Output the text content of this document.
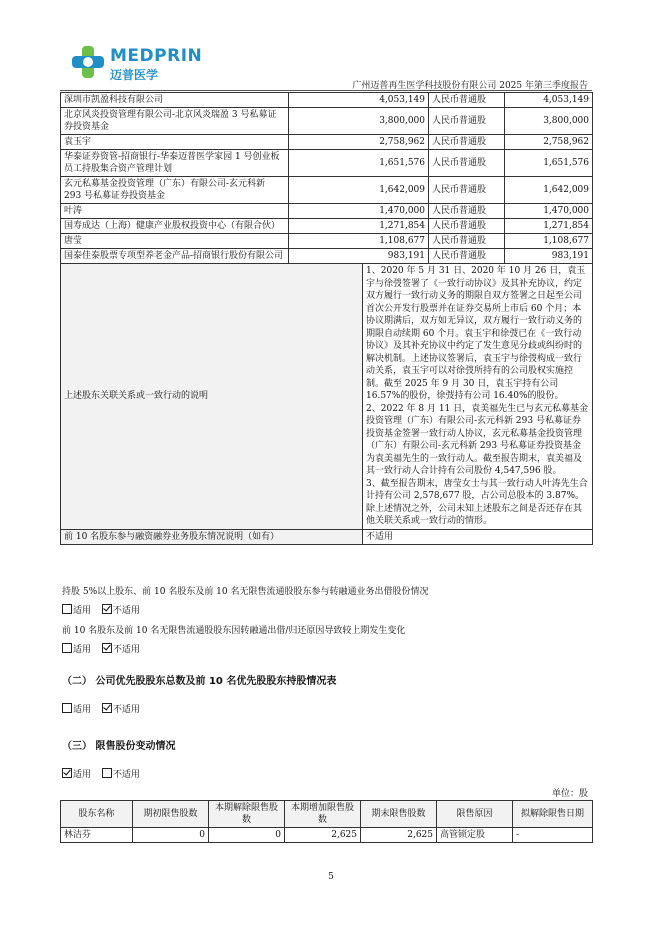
MEDPRIN
迈普医学
广州迈普再生医学科技股份有限公司 2025 年第三季度报告
深圳市凯盈科技有限公司	4,053,149		人民币普通股	4,053,149
北京风炎投资管理有限公司-北京风炎瑞盈 3 号私募证券投资基金	3,800,000		人民币普通股	3,800,000
袁玉宇	2,758,962		人民币普通股	2,758,962
华泰证券资管-招商银行-华泰迈普医学家园 1 号创业板员工持股集合资产管理计划	1,651,576		人民币普通股	1,651,576
玄元私募基金投资管理（广东）有限公司-玄元科新 293 号私募证券投资基金	1,642,009		人民币普通股	1,642,009
叶涛	1,470,000		人民币普通股	1,470,000
国寿成达（上海）健康产业股权投资中心（有限合伙）	1,271,854		人民币普通股	1,271,854
唐莹	1,108,677		人民币普通股	1,108,677
国泰佳泰股票专项型养老金产品-招商银行股份有限公司	983,191		人民币普通股	983,191
上述股东关联关系或一致行动的说明		1、2020 年 5 月 31 日、2020 年 10 月 26 日，袁玉宇与徐弢签署了《一致行动协议》及其补充协议，约定双方履行一致行动义务的期限自双方签署之日起至公司首次公开发行股票并在证券交易所上市后 60 个月；本协议期满后，双方如无异议，双方履行一致行动义务的期限自动续期 60 个月。袁玉宇和徐弢已在《一致行动协议》及其补充协议中约定了发生意见分歧或纠纷时的解决机制。上述协议签署后，袁玉宇与徐弢构成一致行动关系，袁玉宇可以对徐弢所持有的公司股权实施控制。截至 2025 年 9 月 30 日，袁玉宇持有公司 16.57%的股份，徐弢持有公司 16.40%的股份。
2、2022 年 8 月 11 日，袁美福先生已与玄元私募基金投资管理（广东）有限公司-玄元科新 293 号私募证券投资基金签署一致行动人协议，玄元私募基金投资管理（广东）有限公司-玄元科新 293 号私募证券投资基金为袁美福先生的一致行动人。截至报告期末，袁美福及其一致行动人合计持有公司股份 4,547,596 股。
3、截至报告期末，唐莹女士与其一致行动人叶涛先生合计持有公司 2,578,677 股，占公司总股本的 3.87%。
除上述情况之外，公司未知上述股东之间是否还存在其他关联关系或一致行动的情形。		

前 10 名股东参与融资融券业务股东情况说明（如有）		不适用		
持股 5%以上股东、前 10 名股东及前 10 名无限售流通股股东参与转融通业务出借股份情况
适用 不适用
前 10 名股东及前 10 名无限售流通股股东因转融通出借/归还原因导致较上期发生变化
适用 不适用
（二） 公司优先股股东总数及前 10 名优先股股东持股情况表
适用 不适用
（三） 限售股份变动情况
适用 不适用
单位：股
股东名称	期初限售股数	本期解除限售股数	本期增加限售股数	期末限售股数	限售原因	拟解除限售日期
林洁芬	0	0	2,625	2,625	高管锁定股	-
5
